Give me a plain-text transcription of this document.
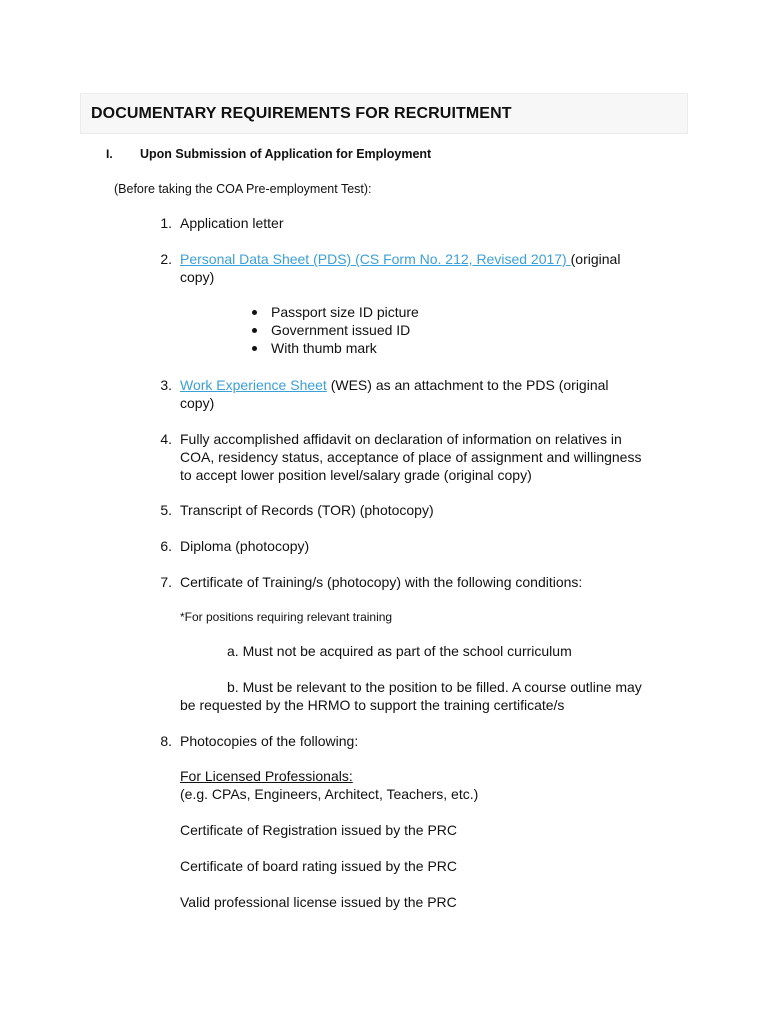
DOCUMENTARY REQUIREMENTS FOR RECRUITMENT
I. Upon Submission of Application for Employment
(Before taking the COA Pre-employment Test):
1. Application letter
2. Personal Data Sheet (PDS) (CS Form No. 212, Revised 2017) (original
copy)
Passport size ID picture
Government issued ID
With thumb mark
3. Work Experience Sheet (WES) as an attachment to the PDS (original
copy)
4. Fully accomplished affidavit on declaration of information on relatives in
COA, residency status, acceptance of place of assignment and willingness
to accept lower position level/salary grade (original copy)
5. Transcript of Records (TOR) (photocopy)
6. Diploma (photocopy)
7. Certificate of Training/s (photocopy) with the following conditions:
*For positions requiring relevant training
a. Must not be acquired as part of the school curriculum
b. Must be relevant to the position to be filled. A course outline may
be requested by the HRMO to support the training certificate/s
8. Photocopies of the following:
For Licensed Professionals:
(e.g. CPAs, Engineers, Architect, Teachers, etc.)
Certificate of Registration issued by the PRC
Certificate of board rating issued by the PRC
Valid professional license issued by the PRC
